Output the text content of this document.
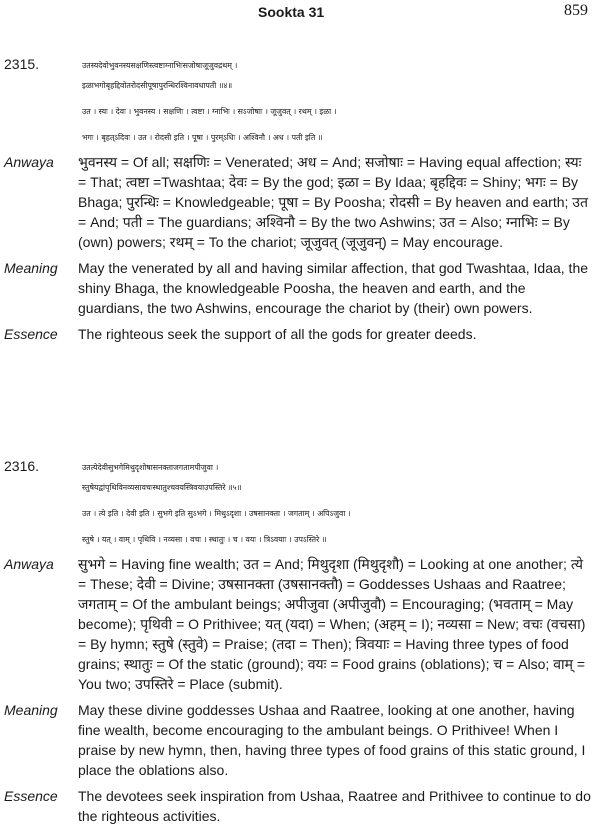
Sookta 31	859
2315.	उतस्यदेवोभुवनस्यसक्षणिस्त्वष्टाग्नाभिःसजोषाजूजुवद्रथम् ।
इळाभगोबृहद्दिवोतरोदसीपूषापुरन्धिरश्विनावधापती ॥४॥
उत । स्यः । देवः । भुवनस्य । सक्षणिः । त्वष्टा । ग्नाभिः । सऽजोषाः । जूजुवत् । रथम् । इळा ।
भगः । बृहत्ऽदिवः । उत । रोदसी इति । पूषा । पुरम्ऽधिः । अश्विनौ । अध । पती इति ॥
Anwaya भुवनस्य = Of all; सक्षणिः = Venerated; अध = And; सजोषाः = Having equal affection; स्यः = That; त्वष्टा =Twashtaa; देवः = By the god; इळा = By Idaa; बृहद्दिवः = Shiny; भगः = By Bhaga; पुरन्धिः = Knowledgeable; पूषा = By Poosha; रोदसी = By heaven and earth; उत = And; पती = The guardians; अश्विनौ = By the two Ashwins; उत = Also; ग्नाभिः = By (own) powers; रथम् = To the chariot; जूजुवत् (जूजुवन्) = May encourage.
Meaning May the venerated by all and having similar affection, that god Twashtaa, Idaa, the shiny Bhaga, the knowledgeable Poosha, the heaven and earth, and the guardians, the two Ashwins, encourage the chariot by (their) own powers.
Essence The righteous seek the support of all the gods for greater deeds.
2316.	उतत्येदेवीसुभगेमिथुदृशोषासनक्ताजगतामपीजुवा ।
स्तुषेयद्वांपृथिविनव्यसावचःस्थातुश्चवयस्त्रिवयाउपस्तिरे ॥५॥
उत । त्ये इति । देवी इति । सुभगे इति सुऽभगे । मिथुऽदृशा । उषसानक्ता । जगताम् । अपिऽजुवा ।
स्तुषे । यत् । वाम् । पृथिवि । नव्यसा । वचः । स्थातुः । च । वयः । त्रिऽवयाः । उपऽस्तिरे ॥
Anwaya सुभगे = Having fine wealth; उत = And; मिथुदृशा (मिथुदृशौ) = Looking at one another; त्ये = These; देवी = Divine; उषसानक्ता (उषसानक्तौ) = Goddesses Ushaas and Raatree; जगताम् = Of the ambulant beings; अपीजुवा (अपीजुवौ) = Encouraging; (भवताम् = May become); पृथिवी = O Prithivee; यत् (यदा) = When; (अहम् = I); नव्यसा = New; वचः (वचसा) = By hymn; स्तुषे (स्तुवे) = Praise; (तदा = Then); त्रिवयाः = Having three types of food grains; स्थातुः = Of the static (ground); वयः = Food grains (oblations); च = Also; वाम् = You two; उपस्तिरे = Place (submit).
Meaning May these divine goddesses Ushaa and Raatree, looking at one another, having fine wealth, become encouraging to the ambulant beings. O Prithivee! When I praise by new hymn, then, having three types of food grains of this static ground, I place the oblations also.
Essence The devotees seek inspiration from Ushaa, Raatree and Prithivee to continue to do the righteous activities.
